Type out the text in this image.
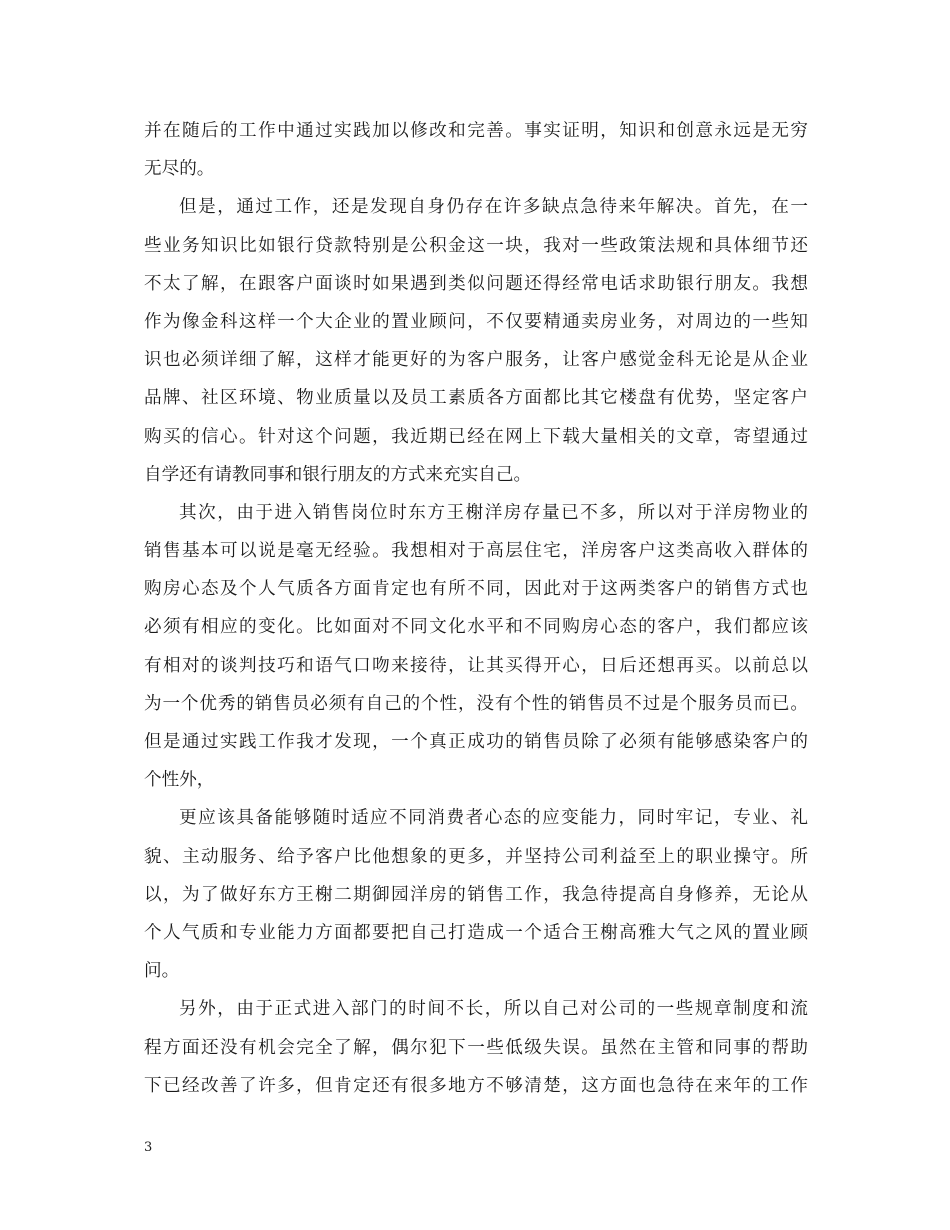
并在随后的工作中通过实践加以修改和完善。事实证明，知识和创意永远是无穷
无尽的。
但是，通过工作，还是发现自身仍存在许多缺点急待来年解决。首先，在一
些业务知识比如银行贷款特别是公积金这一块，我对一些政策法规和具体细节还
不太了解，在跟客户面谈时如果遇到类似问题还得经常电话求助银行朋友。我想
作为像金科这样一个大企业的置业顾问，不仅要精通卖房业务，对周边的一些知
识也必须详细了解，这样才能更好的为客户服务，让客户感觉金科无论是从企业
品牌、社区环境、物业质量以及员工素质各方面都比其它楼盘有优势，坚定客户
购买的信心。针对这个问题，我近期已经在网上下载大量相关的文章，寄望通过
自学还有请教同事和银行朋友的方式来充实自己。
其次，由于进入销售岗位时东方王榭洋房存量已不多，所以对于洋房物业的
销售基本可以说是毫无经验。我想相对于高层住宅，洋房客户这类高收入群体的
购房心态及个人气质各方面肯定也有所不同，因此对于这两类客户的销售方式也
必须有相应的变化。比如面对不同文化水平和不同购房心态的客户，我们都应该
有相对的谈判技巧和语气口吻来接待，让其买得开心，日后还想再买。以前总以
为一个优秀的销售员必须有自己的个性，没有个性的销售员不过是个服务员而已。
但是通过实践工作我才发现，一个真正成功的销售员除了必须有能够感染客户的
个性外，
更应该具备能够随时适应不同消费者心态的应变能力，同时牢记，专业、礼
貌、主动服务、给予客户比他想象的更多，并坚持公司利益至上的职业操守。所
以，为了做好东方王榭二期御园洋房的销售工作，我急待提高自身修养，无论从
个人气质和专业能力方面都要把自己打造成一个适合王榭高雅大气之风的置业顾
问。
另外，由于正式进入部门的时间不长，所以自己对公司的一些规章制度和流
程方面还没有机会完全了解，偶尔犯下一些低级失误。虽然在主管和同事的帮助
下已经改善了许多，但肯定还有很多地方不够清楚，这方面也急待在来年的工作
3
